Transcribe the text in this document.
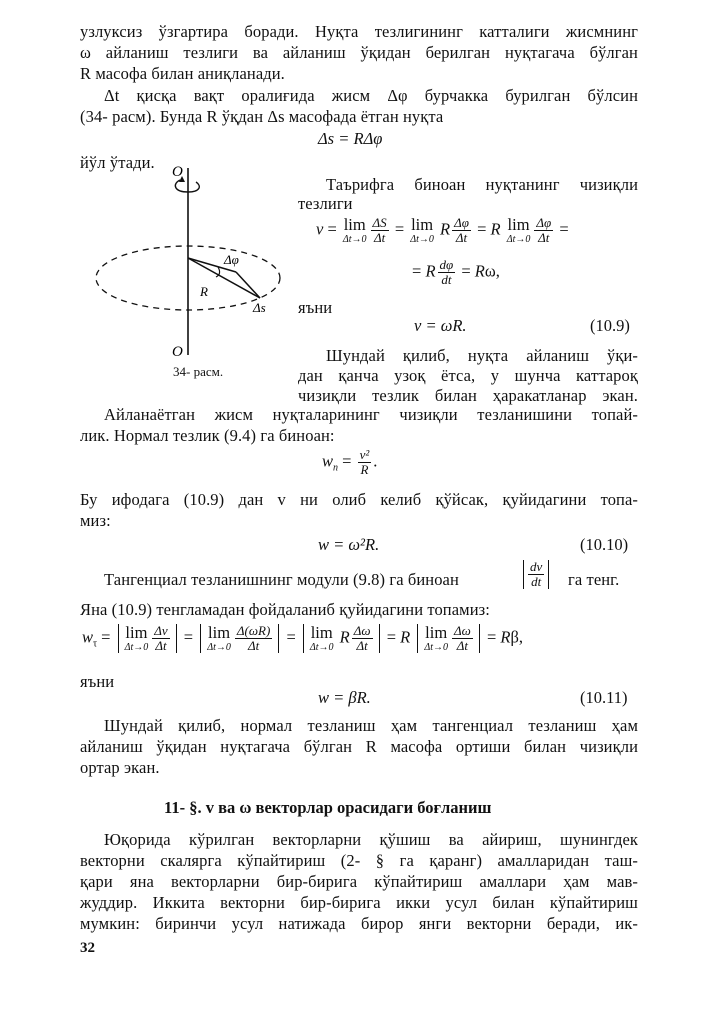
узлуксиз ўзгартира боради. Нуқта тезлигининг катталиги жисмнинг
ω айланиш тезлиги ва айланиш ўқидан берилган нуқтагача бўлган
R масофа билан аниқланади.
Δt қисқа вақт оралиғида жисм Δφ бурчакка бурилган бўлсин
(34- расм). Бунда R ўқдан Δs масофада ётган нуқта
Δs = RΔφ
йўл ўтади. O
O
Δφ
R
Δs
34- расм.
Таърифга биноан нуқтанинг чизиқли
тезлиги
v = lim
$\Delta t\to 0 \frac{\Delta S}{\Delta t} = \lim$
Δt→0
R $\frac{\Delta\varphi}{\Delta t} = R$ lim
$\Delta t\to 0 \frac{\Delta\varphi}{\Delta t}$ =
= R $\frac{d\varphi}{dt} = R\omega$,
яъни
v = ωR.	(10.9)
Шундай қилиб, нуқта айланиш ўқи-
дан қанча узоқ ётса, у шунча каттароқ
чизиқли тезлик билан ҳаракатланар экан.
Айланаётган жисм нуқталарининг чизиқли тезланишини топай-
лик. Нормал тезлик (9.4) га биноан:
$w_n = \frac{\text{v²}}{R}$ .
Бу ифодага (10.9) дан v ни олиб келиб қўйсак, қуйидагини топа-
миз:
w = ω²R.	(10.10)
Тангенциал тезланишнинг модули (9.8) га биноан	$\frac{dv}{dt}$ га тенг.
Яна (10.9) тенгламадан фойдаланиб қуйидагини топамиз:
$w_\tau = \lim$
$\Delta t\to 0 \frac{\Delta v}{\Delta t} = \lim$
$\Delta t\to 0 \frac{\Delta(\omega R)}{\Delta t} = \lim$
Δt→0
R $\frac{\Delta\omega}{\Delta t} = R$ lim
$\Delta t\to 0 \frac{\Delta\omega}{\Delta t} = R\beta$,
яъни
w = βR.	(10.11)
Шундай қилиб, нормал тезланиш ҳам тангенциал тезланиш ҳам
айланиш ўқидан нуқтагача бўлган R масофа ортиши билан чизиқли
ортар экан.
11- §. v ва ω векторлар орасидаги боғланиш
Юқорида кўрилган векторларни қўшиш ва айириш, шунингдек
векторни скалярга кўпайтириш (2- § га қаранг) амалларидан таш-
қари яна векторларни бир-бирига кўпайтириш амаллари ҳам мав-
жуддир. Иккита векторни бир-бирига икки усул билан кўпайтириш
мумкин: биринчи усул натижада бирор янги векторни беради, ик-
32
